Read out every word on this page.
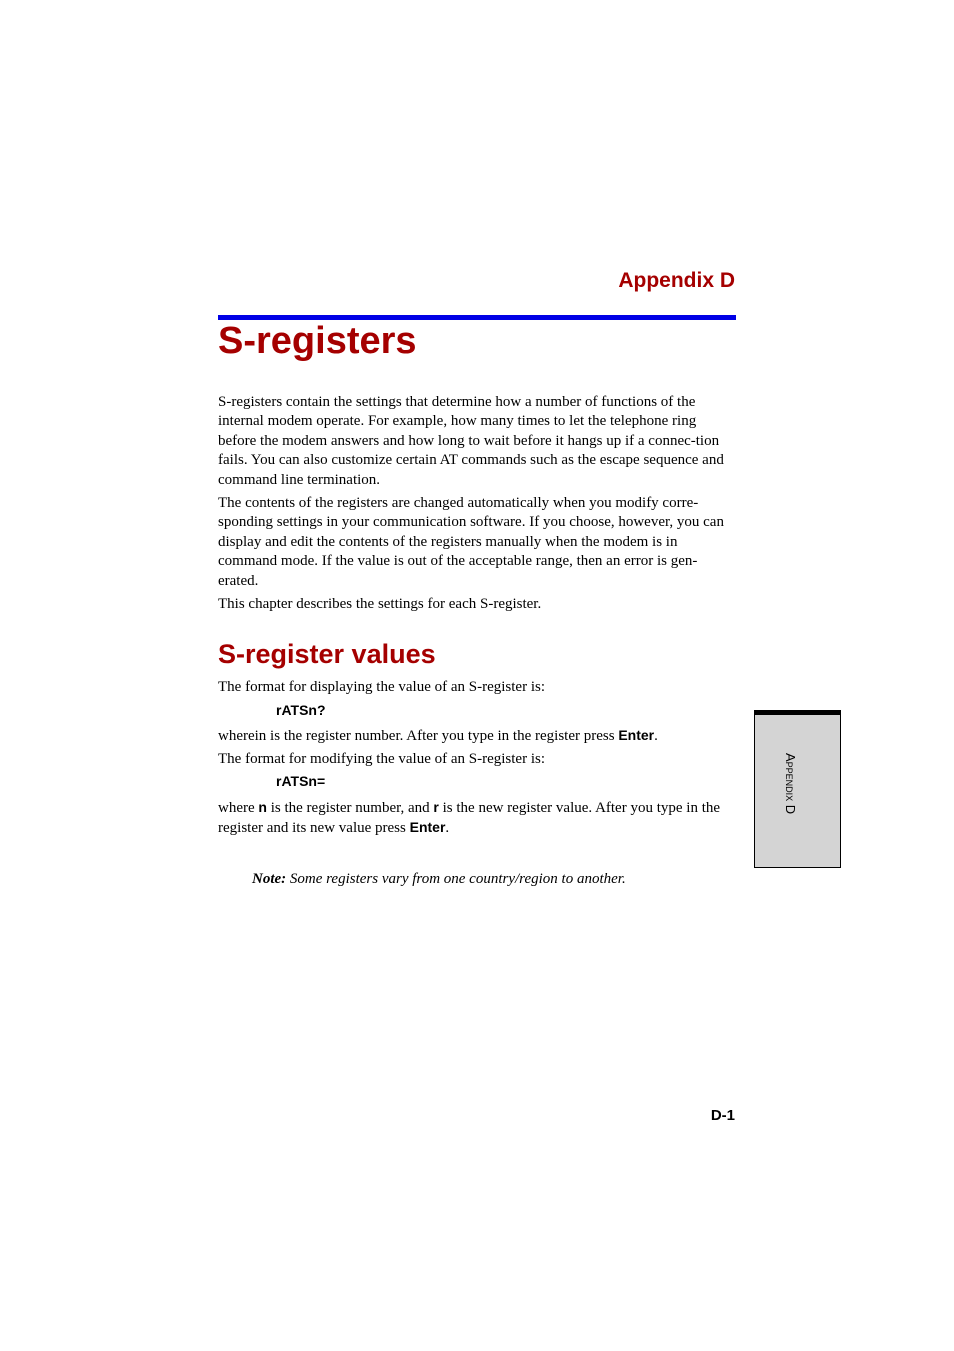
Appendix D
S-registers

S-registers contain the settings that determine how a number of functions of the internal modem operate. For example, how many times to let the telephone ring before the modem answers and how long to wait before it hangs up if a connec-tion fails. You can also customize certain AT commands such as the escape sequence and command line termination.

The contents of the registers are changed automatically when you modify corre-sponding settings in your communication software. If you choose, however, you can display and edit the contents of the registers manually when the modem is in command mode. If the value is out of the acceptable range, then an error is gen-erated.

This chapter describes the settings for each S-register.

S-register values

The format for displaying the value of an S-register is:

rATSn?

wherein is the register number. After you type in the register press Enter.

The format for modifying the value of an S-register is:

rATSn=

where n is the register number, and r is the new register value. After you type in the register and its new value press Enter.

Note: Some registers vary from one country/region to another.
Appendix D
D-1
